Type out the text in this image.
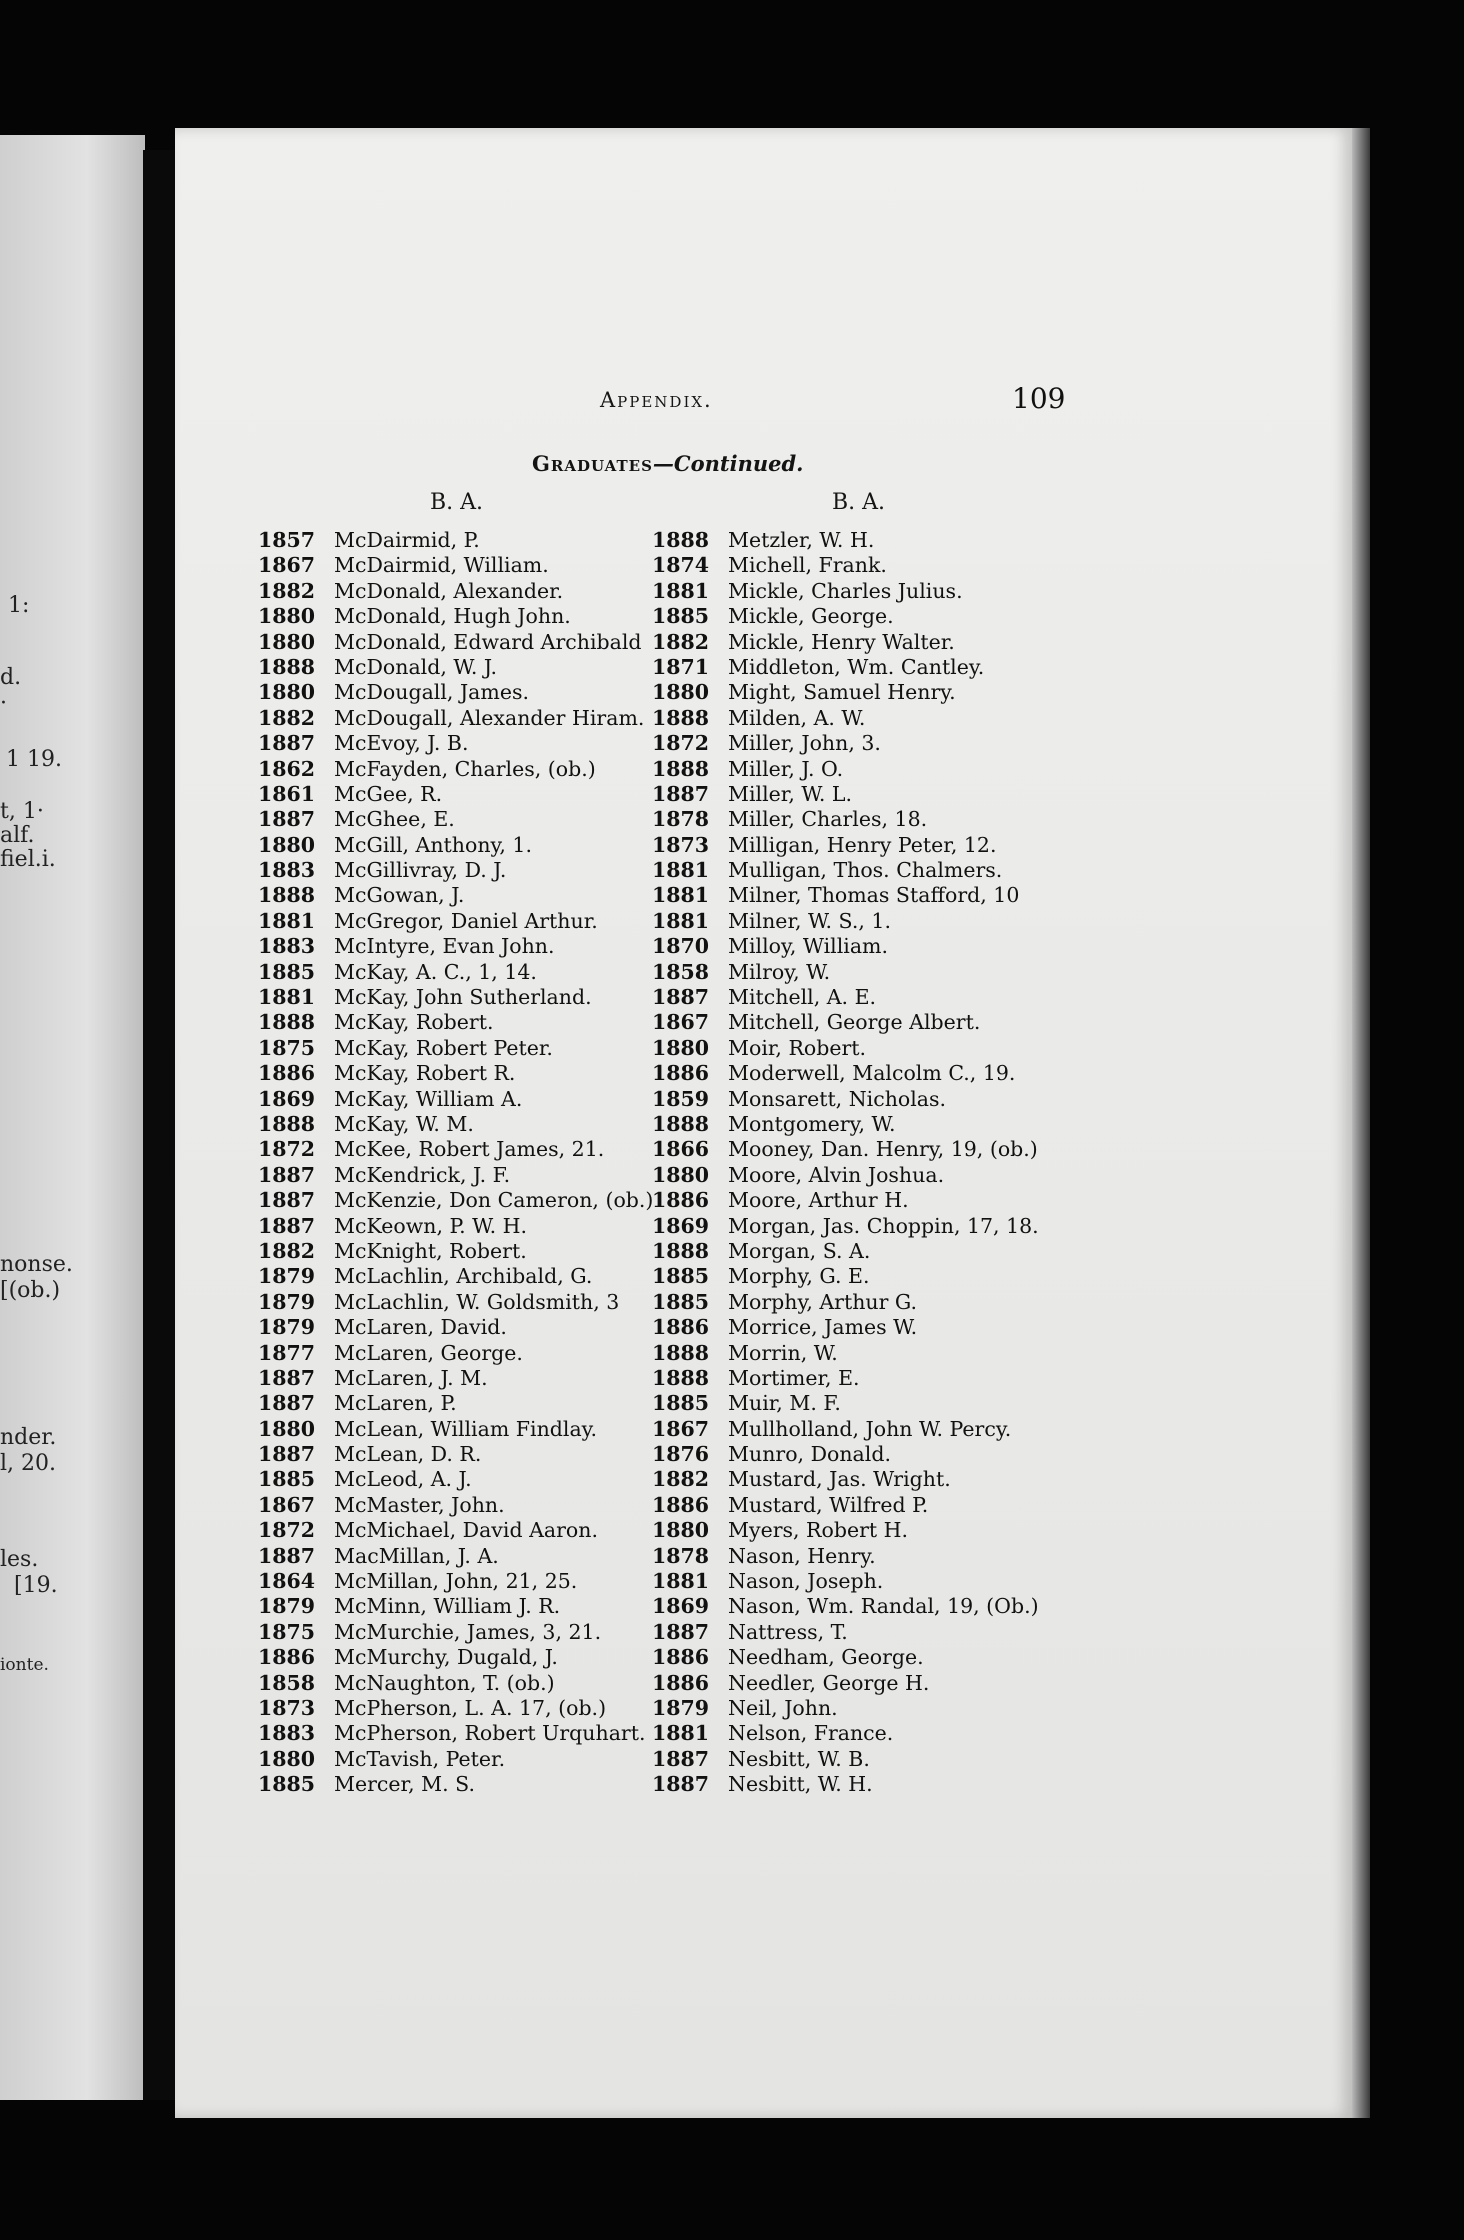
1:
d.
·
1 19.
t, 1·
alf.
fiel.i.
nonse.
[(ob.)
nder.
l, 20.
les.
[19.
ionte.
Appendix.	109
Graduates—Continued.
B. A.	B. A.
1857 McDairmid, P.
1867 McDairmid, William.
1882 McDonald, Alexander.
1880 McDonald, Hugh John.
1880 McDonald, Edward Archibald
1888 McDonald, W. J.
1880 McDougall, James.
1882 McDougall, Alexander Hiram.
1887 McEvoy, J. B.
1862 McFayden, Charles, (ob.)
1861 McGee, R.
1887 McGhee, E.
1880 McGill, Anthony, 1.
1883 McGillivray, D. J.
1888 McGowan, J.
1881 McGregor, Daniel Arthur.
1883 McIntyre, Evan John.
1885 McKay, A. C., 1, 14.
1881 McKay, John Sutherland.
1888 McKay, Robert.
1875 McKay, Robert Peter.
1886 McKay, Robert R.
1869 McKay, William A.
1888 McKay, W. M.
1872 McKee, Robert James, 21.
1887 McKendrick, J. F.
1887 McKenzie, Don Cameron, (ob.)
1887 McKeown, P. W. H.
1882 McKnight, Robert.
1879 McLachlin, Archibald, G.
1879 McLachlin, W. Goldsmith, 3
1879 McLaren, David.
1877 McLaren, George.
1887 McLaren, J. M.
1887 McLaren, P.
1880 McLean, William Findlay.
1887 McLean, D. R.
1885 McLeod, A. J.
1867 McMaster, John.
1872 McMichael, David Aaron.
1887 MacMillan, J. A.
1864 McMillan, John, 21, 25.
1879 McMinn, William J. R.
1875 McMurchie, James, 3, 21.
1886 McMurchy, Dugald, J.
1858 McNaughton, T. (ob.)
1873 McPherson, L. A. 17, (ob.)
1883 McPherson, Robert Urquhart.
1880 McTavish, Peter.
1885 Mercer, M. S.
1888 Metzler, W. H.
1874 Michell, Frank.
1881 Mickle, Charles Julius.
1885 Mickle, George.
1882 Mickle, Henry Walter.
1871 Middleton, Wm. Cantley.
1880 Might, Samuel Henry.
1888 Milden, A. W.
1872 Miller, John, 3.
1888 Miller, J. O.
1887 Miller, W. L.
1878 Miller, Charles, 18.
1873 Milligan, Henry Peter, 12.
1881 Mulligan, Thos. Chalmers.
1881 Milner, Thomas Stafford, 10
1881 Milner, W. S., 1.
1870 Milloy, William.
1858 Milroy, W.
1887 Mitchell, A. E.
1867 Mitchell, George Albert.
1880 Moir, Robert.
1886 Moderwell, Malcolm C., 19.
1859 Monsarett, Nicholas.
1888 Montgomery, W.
1866 Mooney, Dan. Henry, 19, (ob.)
1880 Moore, Alvin Joshua.
1886 Moore, Arthur H.
1869 Morgan, Jas. Choppin, 17, 18.
1888 Morgan, S. A.
1885 Morphy, G. E.
1885 Morphy, Arthur G.
1886 Morrice, James W.
1888 Morrin, W.
1888 Mortimer, E.
1885 Muir, M. F.
1867 Mullholland, John W. Percy.
1876 Munro, Donald.
1882 Mustard, Jas. Wright.
1886 Mustard, Wilfred P.
1880 Myers, Robert H.
1878 Nason, Henry.
1881 Nason, Joseph.
1869 Nason, Wm. Randal, 19, (Ob.)
1887 Nattress, T.
1886 Needham, George.
1886 Needler, George H.
1879 Neil, John.
1881 Nelson, France.
1887 Nesbitt, W. B.
1887 Nesbitt, W. H.
